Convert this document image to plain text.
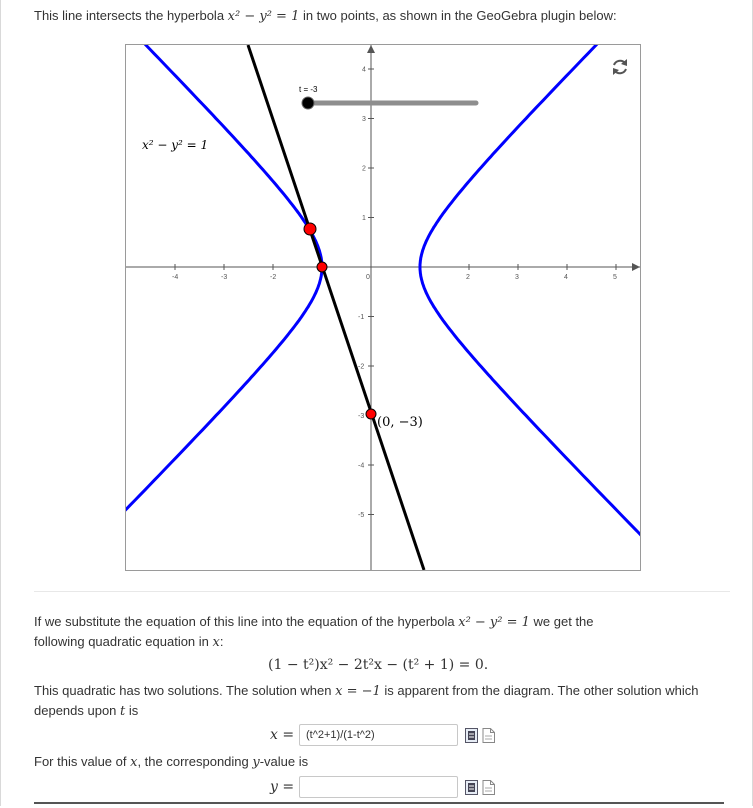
This line intersects the hyperbola x² − y² = 1 in two points, as shown in the GeoGebra plugin below:
-4	-3	-2	0	2	3	4	5
4
3
2
1
-1
-2
-3
-4
-5
x² − y² = 1
(0, −3)
t = -3
If we substitute the equation of this line into the equation of the hyperbola x² − y² = 1 we get the
following quadratic equation in x:
(1 − t²)x² − 2t²x − (t² + 1) = 0.
This quadratic has two solutions. The solution when x = −1 is apparent from the diagram. The other solution which
depends upon t is
x =
(t^2+1)/(1-t^2)
For this value of x, the corresponding y-value is
y =
